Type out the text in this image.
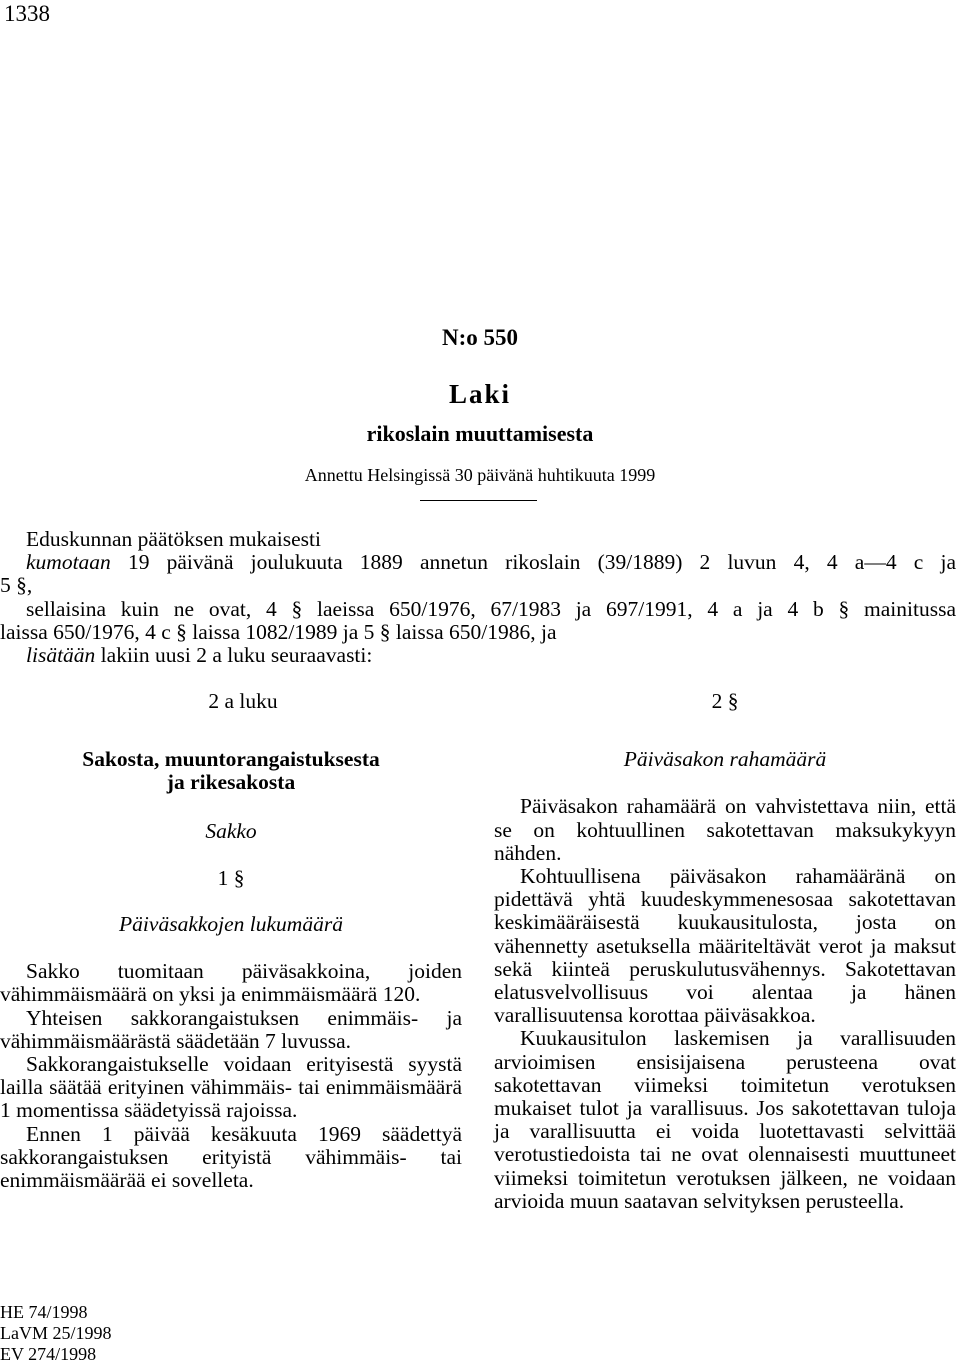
1338
N:o 550
Laki
rikoslain muuttamisesta
Annettu Helsingissä 30 päivänä huhtikuuta 1999
Eduskunnan päätöksen mukaisesti
kumotaan 19 päivänä joulukuuta 1889 annetun rikoslain (39/1889) 2 luvun 4, 4 a—4 c ja
5 §,
sellaisina kuin ne ovat, 4 § laeissa 650/1976, 67/1983 ja 697/1991, 4 a ja 4 b § mainitussa
laissa 650/1976, 4 c § laissa 1082/1989 ja 5 § laissa 650/1986, ja
lisätään lakiin uusi 2 a luku seuraavasti:
2 a luku
Sakosta, muuntorangaistuksesta
ja rikesakosta
Sakko
1 §
Päiväsakkojen lukumäärä

Sakko tuomitaan päiväsakkoina, joiden vähimmäismäärä on yksi ja enimmäismäärä 120.

Yhteisen sakkorangaistuksen enimmäis- ja vähimmäismäärästä säädetään 7 luvussa.

Sakkorangaistukselle voidaan erityisestä syystä lailla säätää erityinen vähimmäis- tai enimmäismäärä 1 momentissa säädetyissä rajoissa.

Ennen 1 päivää kesäkuuta 1969 säädettyä sakkorangaistuksen erityistä vähimmäis- tai enimmäismäärää ei sovelleta.

2 §
Päiväsakon rahamäärä

Päiväsakon rahamäärä on vahvistettava niin, että se on kohtuullinen sakotettavan maksukykyyn nähden.

Kohtuullisena päiväsakon rahamääränä on pidettävä yhtä kuudeskymmenesosaa sakotettavan keskimääräisestä kuukausitulosta, josta on vähennetty asetuksella määriteltävät verot ja maksut sekä kiinteä peruskulutusvähennys. Sakotettavan elatusvelvollisuus voi alentaa ja hänen varallisuutensa korottaa päiväsakkoa.

Kuukausitulon laskemisen ja varallisuuden arvioimisen ensisijaisena perusteena ovat sakotettavan viimeksi toimitetun verotuksen mukaiset tulot ja varallisuus. Jos sakotettavan tuloja ja varallisuutta ei voida luotettavasti selvittää verotustiedoista tai ne ovat olennaisesti muuttuneet viimeksi toimitetun verotuksen jälkeen, ne voidaan arvioida muun saatavan selvityksen perusteella.

HE 74/1998
LaVM 25/1998
EV 274/1998
